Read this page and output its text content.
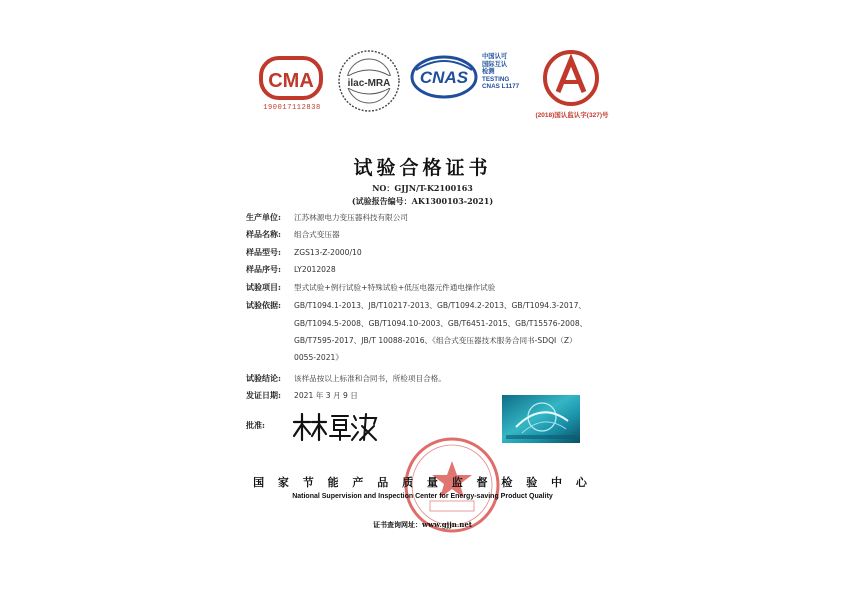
CMA
190017112838
ilac-MRA CNAS
中国认可
国际互认
检测
TESTING
CNAS L1177
(2018)国认监认字(327)号
试验合格证书
NO：GJJN/T-K2100163
(试验报告编号：AK1300103-2021)
生产单位: 江苏林源电力变压器科技有限公司
样品名称: 组合式变压器
样品型号: ZGS13-Z-2000/10
样品序号: LY2012028
试验项目: 型式试验+例行试验+特殊试验+低压电器元件通电操作试验
试验依据: GB/T1094.1-2013、JB/T10217-2013、GB/T1094.2-2013、GB/T1094.3-2017、
GB/T1094.5-2008、GB/T1094.10-2003、GB/T6451-2015、GB/T15576-2008、
GB/T7595-2017、JB/T 10088-2016、《组合式变压器技术服务合同书-SDQI（Z）
0055-2021》
试验结论: 该样品按以上标准和合同书，所检项目合格。
发证日期: 2021 年 3 月 9 日
批准:
国 家 节 能 产 品 质 量 监 督 检 验 中 心
National Supervision and Inspection Center for Energy-saving Product Quality
证书查询网址：www.gjjn.net
